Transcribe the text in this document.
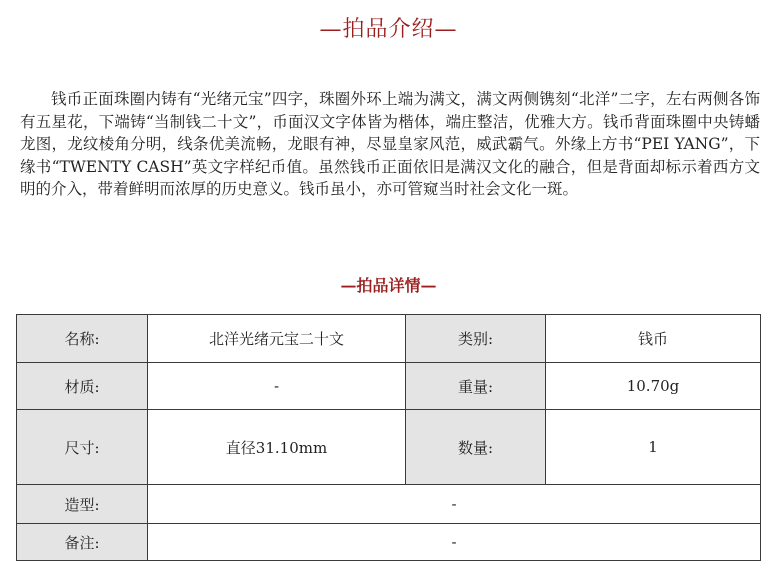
—拍品介绍—

钱币正面珠圈内铸有“光绪元宝”四字，珠圈外环上端为满文，满文两侧镌刻“北洋”二字，左右两侧各饰有五星花，下端铸“当制钱二十文”，币面汉文字体皆为楷体，端庄整洁，优雅大方。钱币背面珠圈中央铸蟠龙图，龙纹棱角分明，线条优美流畅，龙眼有神，尽显皇家风范，威武霸气。外缘上方书“PEI YANG”，下缘书“TWENTY CASH”英文字样纪币值。虽然钱币正面依旧是满汉文化的融合，但是背面却标示着西方文明的介入，带着鲜明而浓厚的历史意义。钱币虽小，亦可管窥当时社会文化一斑。

—拍品详情—
名称:	北洋光绪元宝二十文	类别:	钱币
材质:	-	重量:	10.70g
尺寸:	直径31.10mm	数量:	1
造型:	-		
备注:	-		
